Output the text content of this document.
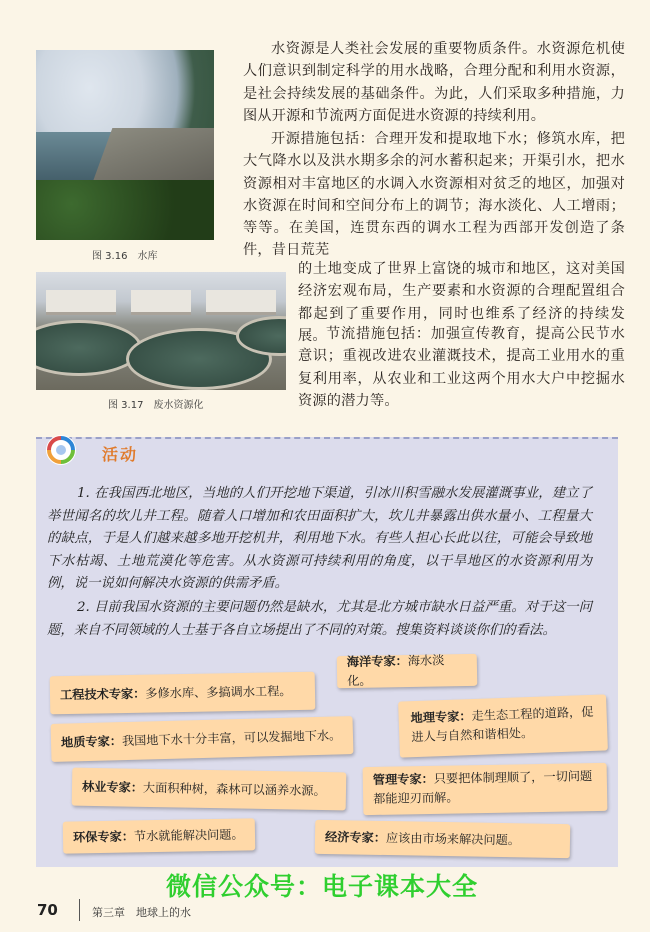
图 3.16　水库
图 3.17　废水资源化

水资源是人类社会发展的重要物质条件。水资源危机使人们意识到制定科学的用水战略，合理分配和利用水资源，是社会持续发展的基础条件。为此，人们采取多种措施，力图从开源和节流两方面促进水资源的持续利用。

开源措施包括：合理开发和提取地下水；修筑水库，把大气降水以及洪水期多余的河水蓄积起来；开渠引水，把水资源相对丰富地区的水调入水资源相对贫乏的地区，加强对水资源在时间和空间分布上的调节；海水淡化、人工增雨；等等。在美国，连贯东西的调水工程为西部开发创造了条件，昔日荒芜

的土地变成了世界上富饶的城市和地区，这对美国经济宏观布局，生产要素和水资源的合理配置组合都起到了重要作用，同时也维系了经济的持续发展。 节流措施包括：加强宣传教育，提高公民节水意识；重视改进农业灌溉技术，提高工业用水的重复利用率，从农业和工业这两个用水大户中挖掘水资源的潜力等。

活动

1. 在我国西北地区，当地的人们开挖地下渠道，引冰川积雪融水发展灌溉事业，建立了举世闻名的坎儿井工程。随着人口增加和农田面积扩大，坎儿井暴露出供水量小、工程量大的缺点，于是人们越来越多地开挖机井，利用地下水。有些人担心长此以往，可能会导致地下水枯竭、土地荒漠化等危害。从水资源可持续利用的角度，以干旱地区的水资源利用为例，说一说如何解决水资源的供需矛盾。

2. 目前我国水资源的主要问题仍然是缺水，尤其是北方城市缺水日益严重。对于这一问题，来自不同领域的人士基于各自立场提出了不同的对策。搜集资料谈谈你们的看法。

海洋专家：海水淡化。
工程技术专家：多修水库、多搞调水工程。
地理专家：走生态工程的道路，促进人与自然和谐相处。
地质专家：我国地下水十分丰富，可以发掘地下水。
管理专家：只要把体制理顺了，一切问题都能迎刃而解。
林业专家：大面积种树，森林可以涵养水源。
环保专家：节水就能解决问题。	经济专家：应该由市场来解决问题。
微信公众号：电子课本大全
70	第三章　地球上的水
